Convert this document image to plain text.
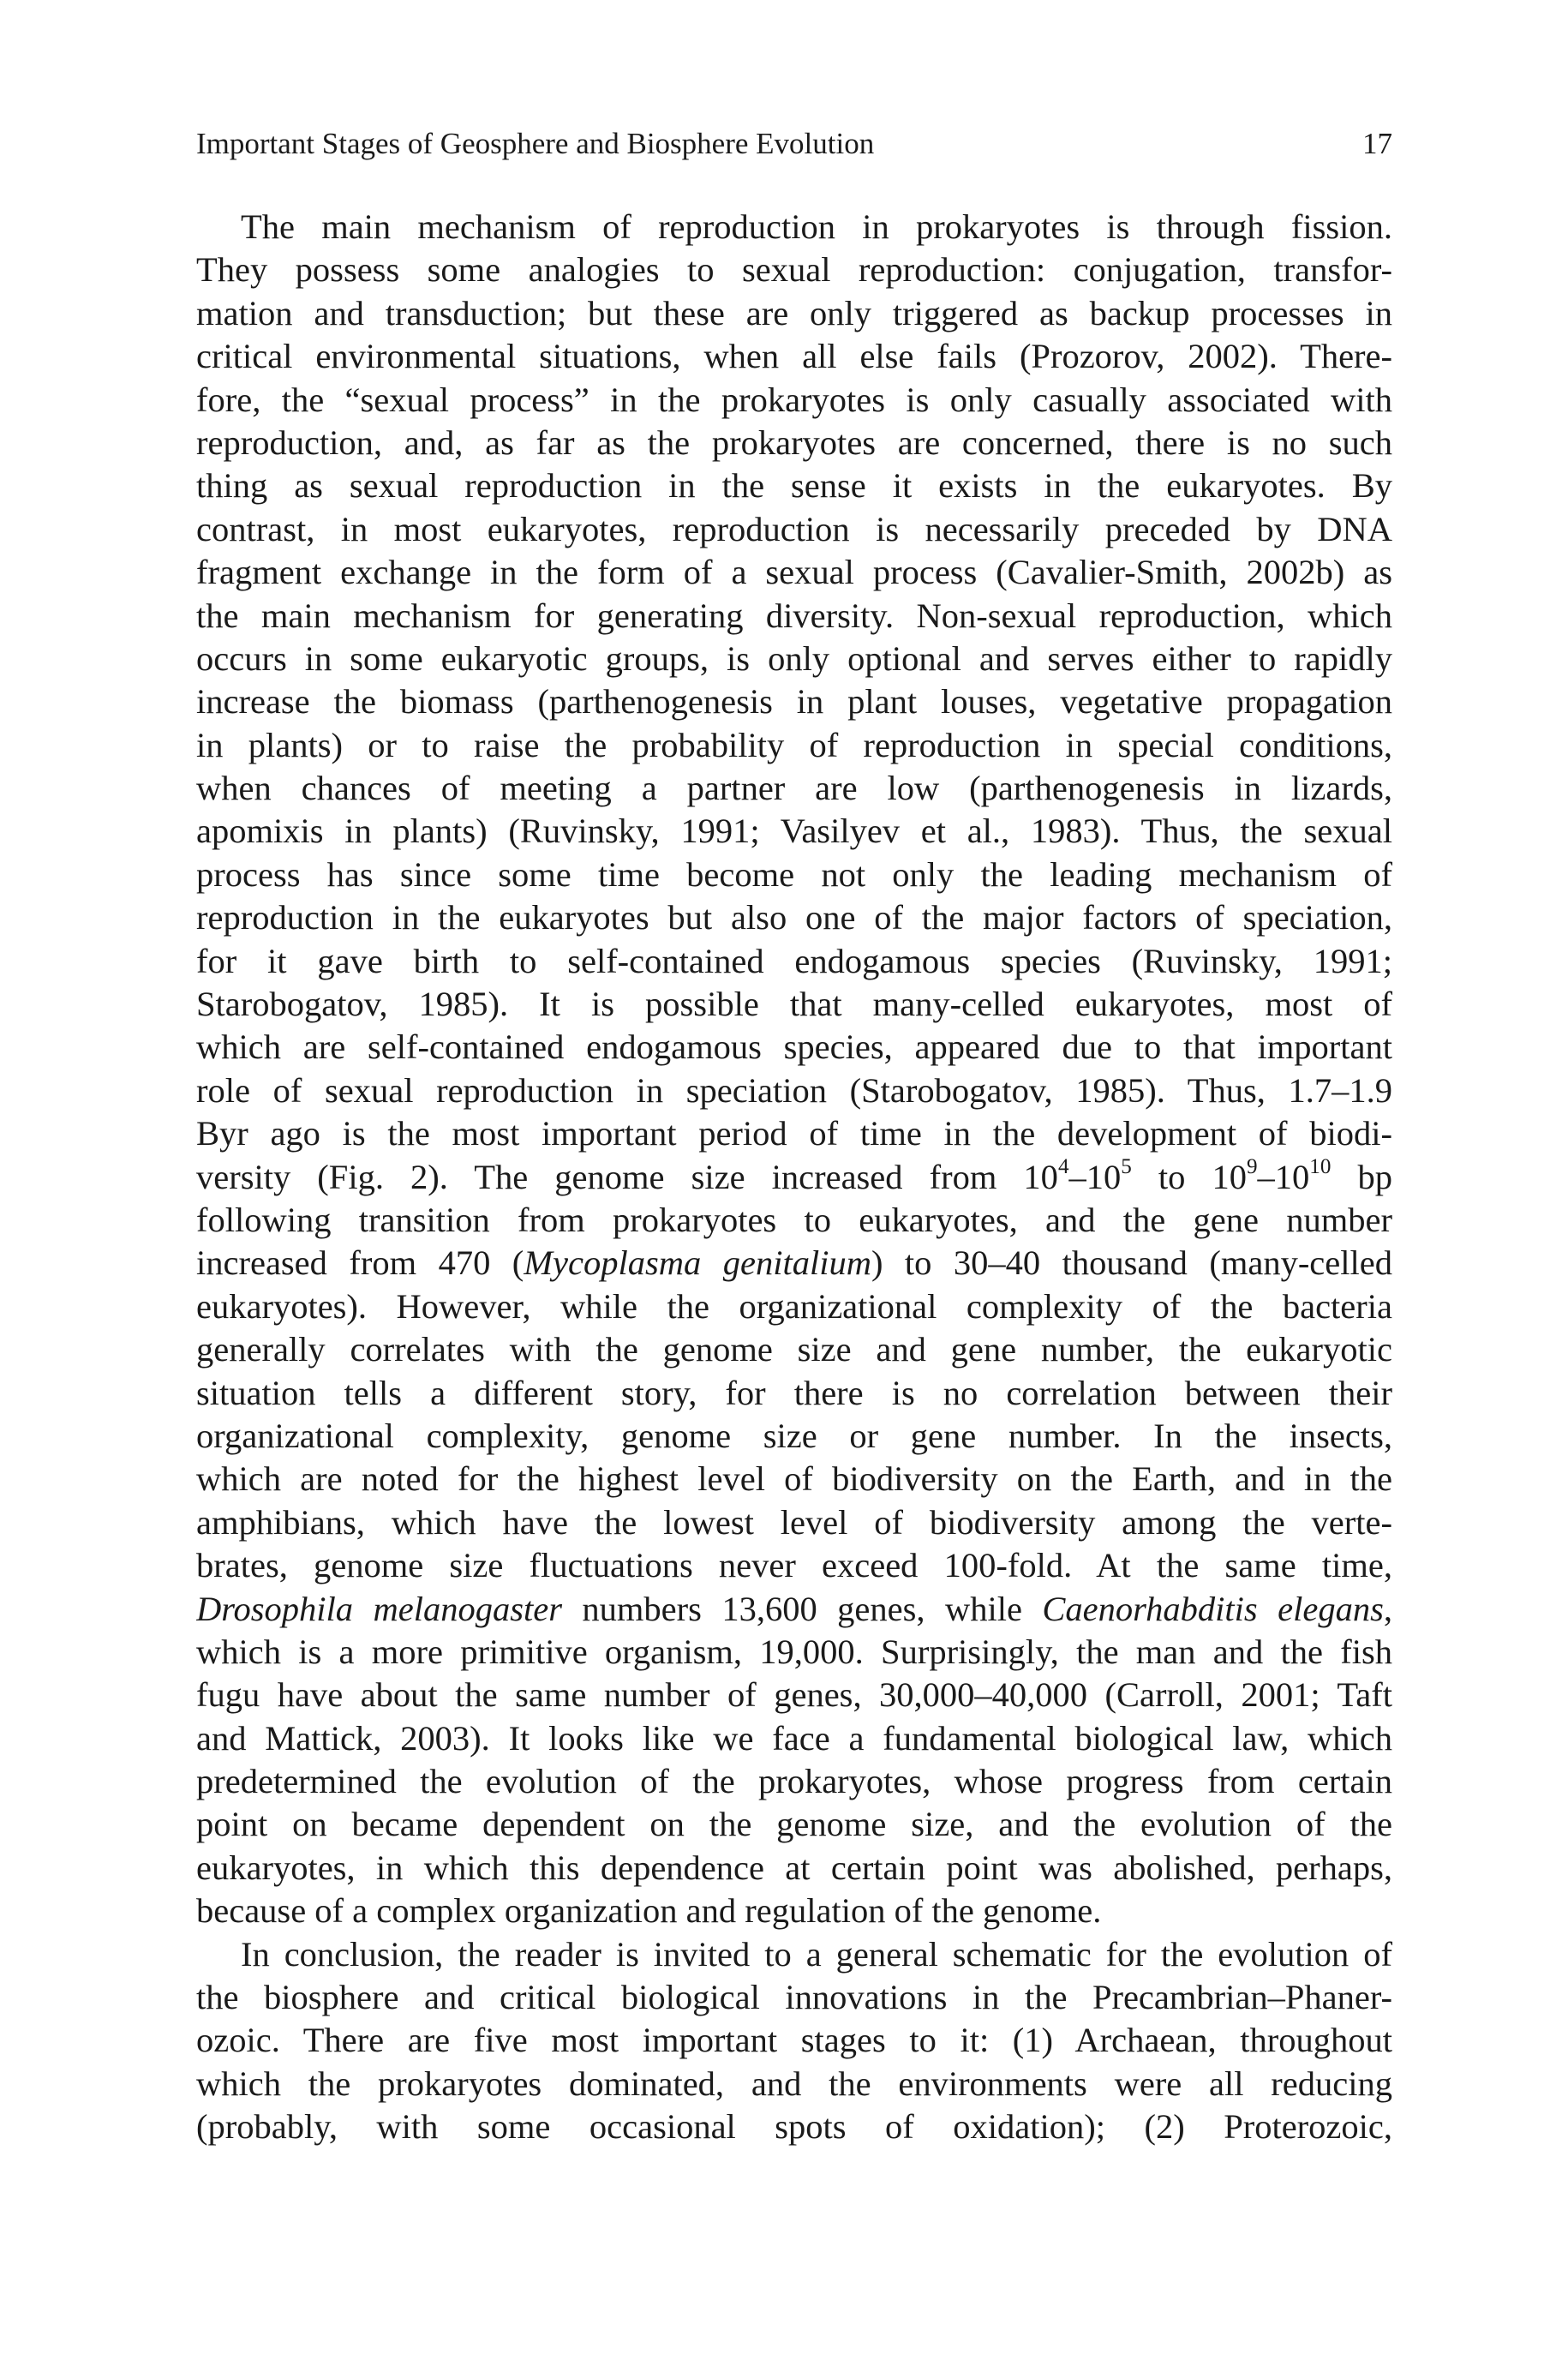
Important Stages of Geosphere and Biosphere Evolution	17
The main mechanism of reproduction in prokaryotes is through fission.
They possess some analogies to sexual reproduction: conjugation, transfor-
mation and transduction; but these are only triggered as backup processes in
critical environmental situations, when all else fails (Prozorov, 2002). There-
fore, the “sexual process” in the prokaryotes is only casually associated with
reproduction, and, as far as the prokaryotes are concerned, there is no such
thing as sexual reproduction in the sense it exists in the eukaryotes. By
contrast, in most eukaryotes, reproduction is necessarily preceded by DNA
fragment exchange in the form of a sexual process (Cavalier-Smith, 2002b) as
the main mechanism for generating diversity. Non-sexual reproduction, which
occurs in some eukaryotic groups, is only optional and serves either to rapidly
increase the biomass (parthenogenesis in plant louses, vegetative propagation
in plants) or to raise the probability of reproduction in special conditions,
when chances of meeting a partner are low (parthenogenesis in lizards,
apomixis in plants) (Ruvinsky, 1991; Vasilyev et al., 1983). Thus, the sexual
process has since some time become not only the leading mechanism of
reproduction in the eukaryotes but also one of the major factors of speciation,
for it gave birth to self-contained endogamous species (Ruvinsky, 1991;
Starobogatov, 1985). It is possible that many-celled eukaryotes, most of
which are self-contained endogamous species, appeared due to that important
role of sexual reproduction in speciation (Starobogatov, 1985). Thus, 1.7–1.9
Byr ago is the most important period of time in the development of biodi-
versity (Fig. 2). The genome size increased from $10^4-10^5$ to $10^9-10^{10}$ bp
following transition from prokaryotes to eukaryotes, and the gene number
increased from 470 (Mycoplasma genitalium) to 30–40 thousand (many-celled
eukaryotes). However, while the organizational complexity of the bacteria
generally correlates with the genome size and gene number, the eukaryotic
situation tells a different story, for there is no correlation between their
organizational complexity, genome size or gene number. In the insects,
which are noted for the highest level of biodiversity on the Earth, and in the
amphibians, which have the lowest level of biodiversity among the verte-
brates, genome size fluctuations never exceed 100-fold. At the same time,
Drosophila melanogaster numbers 13,600 genes, while Caenorhabditis elegans,
which is a more primitive organism, 19,000. Surprisingly, the man and the fish
fugu have about the same number of genes, 30,000–40,000 (Carroll, 2001; Taft
and Mattick, 2003). It looks like we face a fundamental biological law, which
predetermined the evolution of the prokaryotes, whose progress from certain
point on became dependent on the genome size, and the evolution of the
eukaryotes, in which this dependence at certain point was abolished, perhaps,
because of a complex organization and regulation of the genome.
In conclusion, the reader is invited to a general schematic for the evolution of
the biosphere and critical biological innovations in the Precambrian–Phaner-
ozoic. There are five most important stages to it: (1) Archaean, throughout
which the prokaryotes dominated, and the environments were all reducing
(probably, with some occasional spots of oxidation); (2) Proterozoic,
